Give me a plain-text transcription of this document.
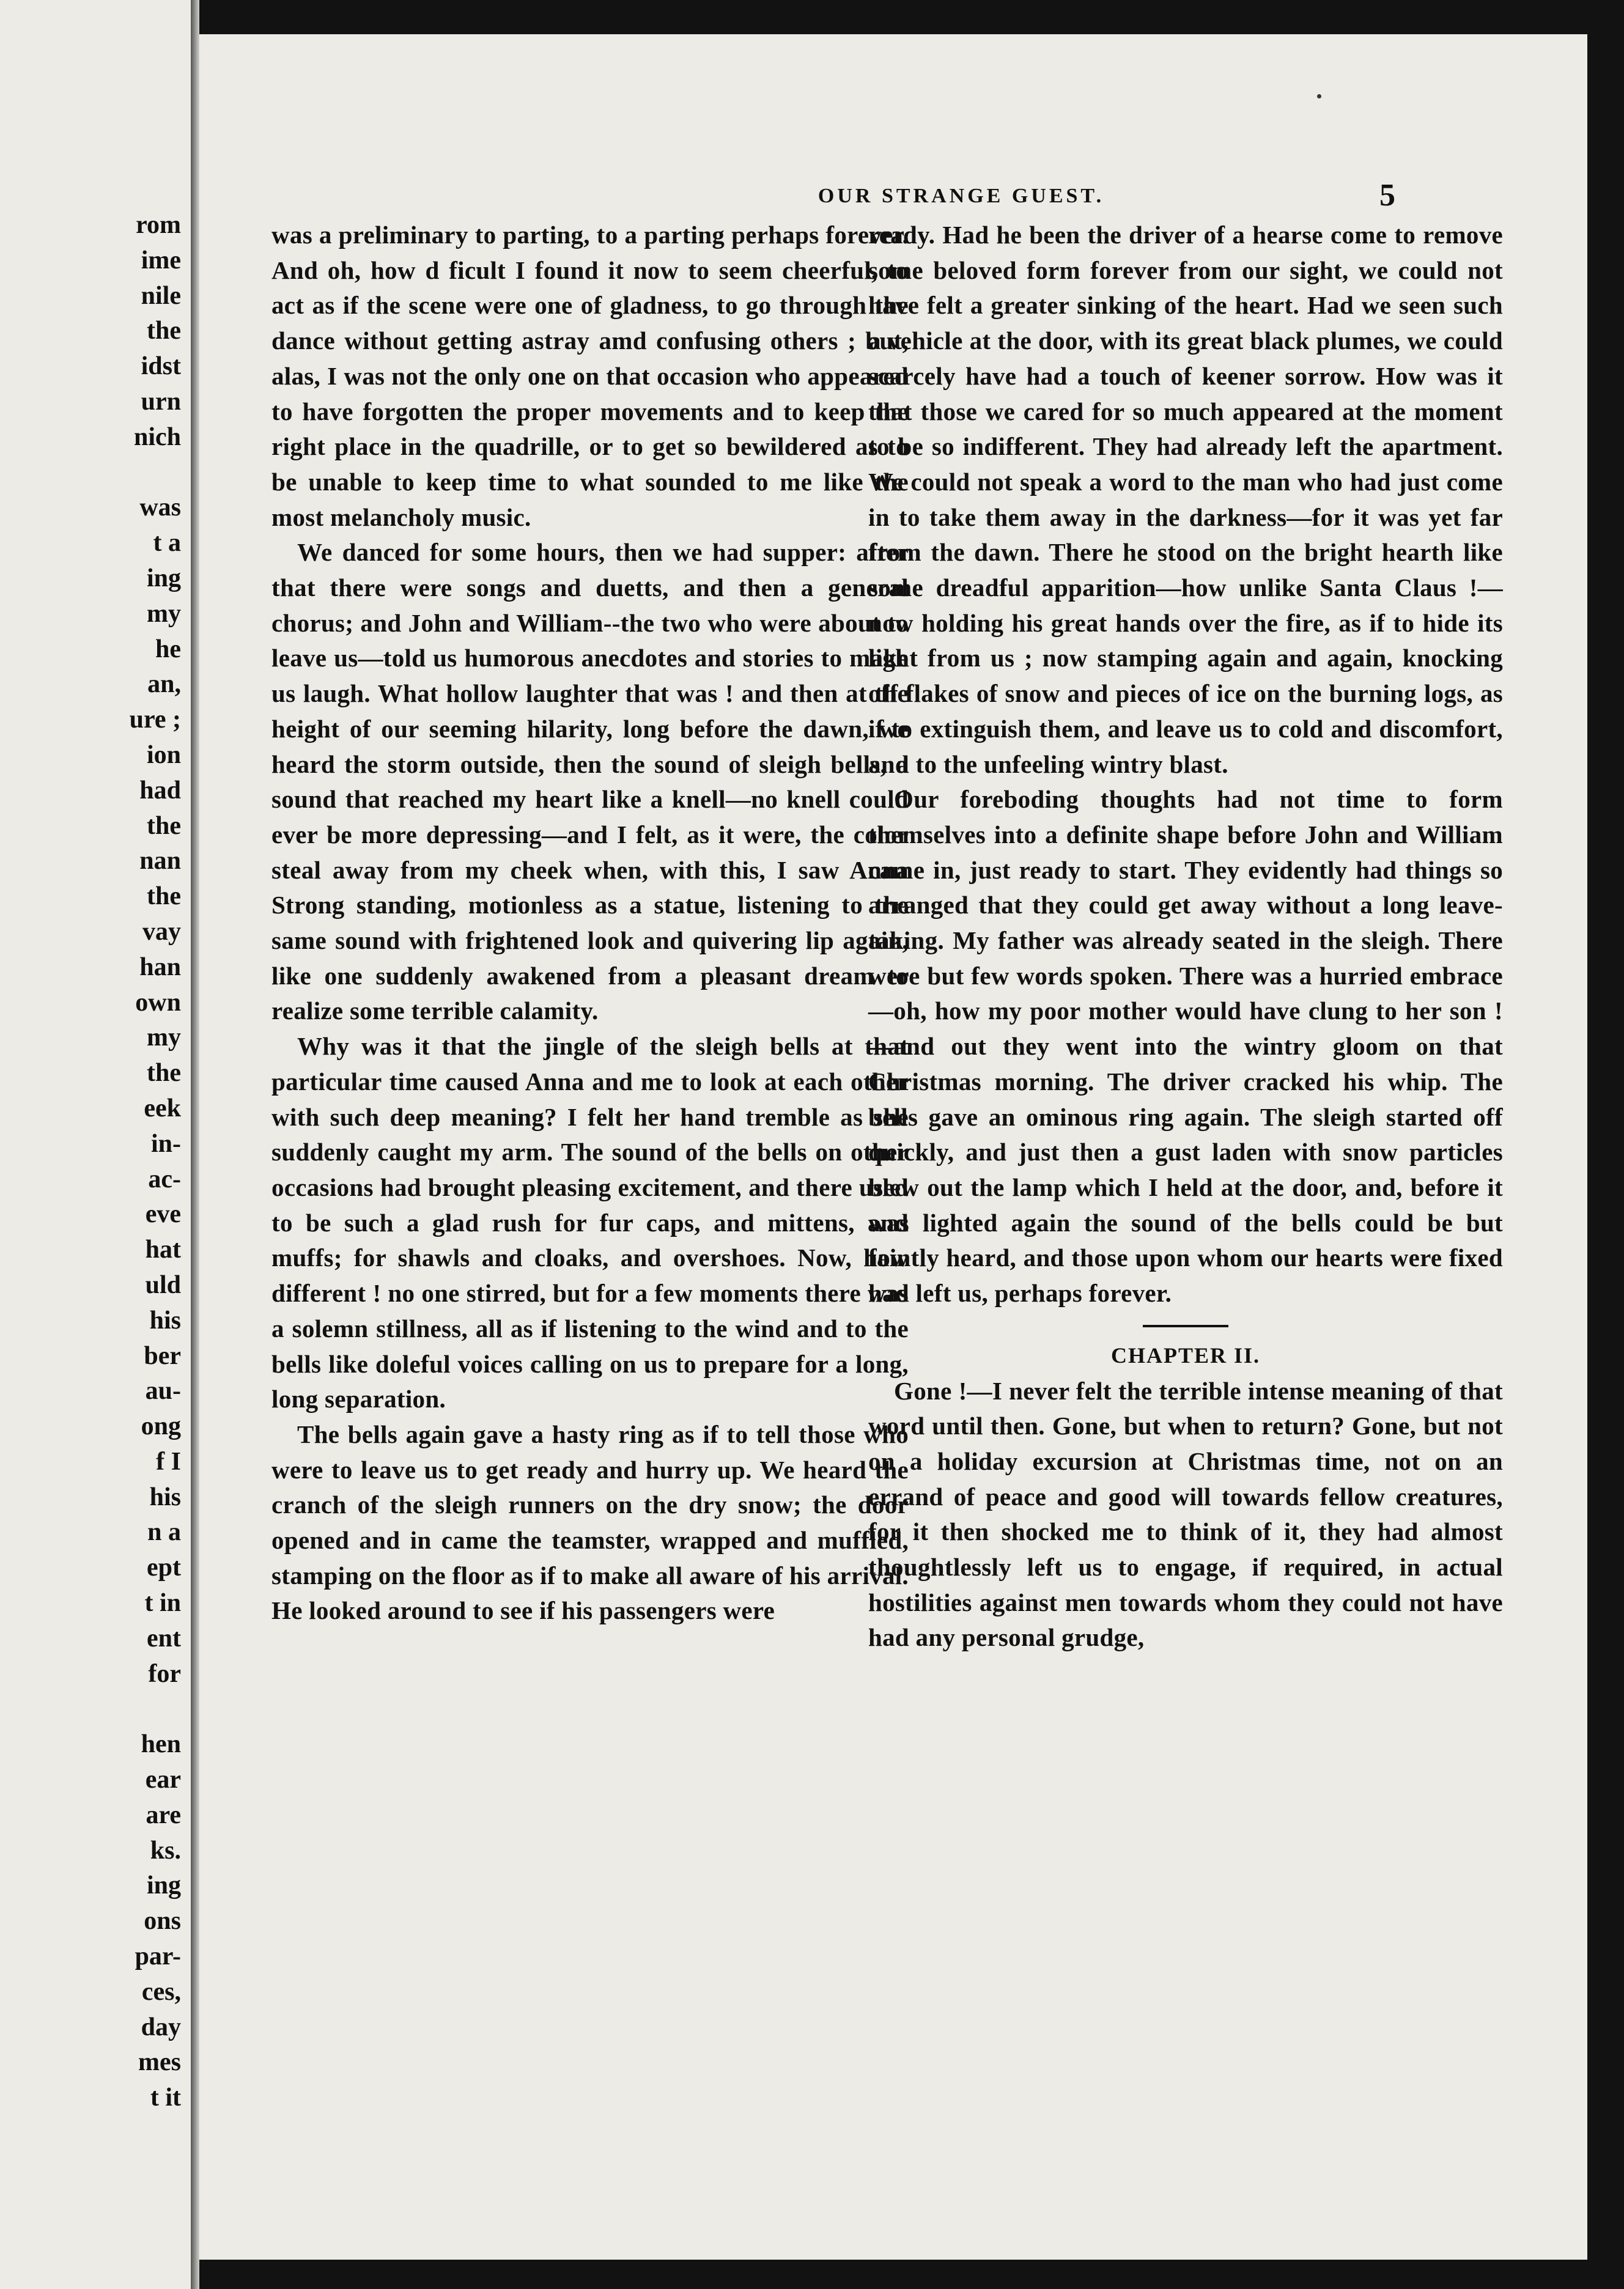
rom
ime
nile
the
idst
urn
nich

was
t a
ing
my
he
an,
ure ;
ion
had
the
nan
the
vay
han
own
my
the
eek
in-
ac-
eve
hat
uld
his
ber
au-
ong
f I
his
n a
ept
t in
ent
for

hen
ear
are
ks.
ing
ons
par-
ces,
day
mes
t it
OUR STRANGE GUEST.	5

was a preliminary to parting, to a parting perhaps forever. And oh, how d ficult I found it now to seem cheerful, to act as if the scene were one of gladness, to go through the dance without getting astray amd confusing others ; but, alas, I was not the only one on that occasion who appeared to have forgotten the proper movements and to keep the right place in the quadrille, or to get so bewildered as to be unable to keep time to what sounded to me like the most melancholy music.

We danced for some hours, then we had supper: after that there were songs and duetts, and then a general chorus; and John and William--the two who were about to leave us—told us humorous anecdotes and stories to make us laugh. What hollow laughter that was ! and then at the height of our seeming hilarity, long before the dawn, we heard the storm outside, then the sound of sleigh bells, a sound that reached my heart like a knell—no knell could ever be more depressing—and I felt, as it were, the color steal away from my cheek when, with this, I saw Anna Strong standing, motionless as a statue, listening to the same sound with frightened look and quivering lip again, like one suddenly awakened from a pleasant dream to realize some terrible calamity.

Why was it that the jingle of the sleigh bells at that particular time caused Anna and me to look at each other with such deep meaning? I felt her hand tremble as she suddenly caught my arm. The sound of the bells on other occasions had brought pleasing excitement, and there used to be such a glad rush for fur caps, and mittens, and muffs; for shawls and cloaks, and overshoes. Now, how different ! no one stirred, but for a few moments there was a solemn stillness, all as if listening to the wind and to the bells like doleful voices calling on us to prepare for a long, long separation.

The bells again gave a hasty ring as if to tell those who were to leave us to get ready and hurry up. We heard the cranch of the sleigh runners on the dry snow; the door opened and in came the teamster, wrapped and muffled, stamping on the floor as if to make all aware of his arrival. He looked around to see if his passengers were

ready. Had he been the driver of a hearse come to remove some beloved form forever from our sight, we could not have felt a greater sinking of the heart. Had we seen such a vehicle at the door, with its great black plumes, we could scarcely have had a touch of keener sorrow. How was it that those we cared for so much appeared at the moment to be so indifferent. They had already left the apartment. We could not speak a word to the man who had just come in to take them away in the darkness—for it was yet far from the dawn. There he stood on the bright hearth like some dreadful apparition—how unlike Santa Claus !—now holding his great hands over the fire, as if to hide its light from us ; now stamping again and again, knocking off flakes of snow and pieces of ice on the burning logs, as if to extinguish them, and leave us to cold and discomfort, and to the unfeeling wintry blast.

Our foreboding thoughts had not time to form themselves into a definite shape before John and William came in, just ready to start. They evidently had things so arranged that they could get away without a long leave-taking. My father was already seated in the sleigh. There were but few words spoken. There was a hurried embrace—oh, how my poor mother would have clung to her son !—and out they went into the wintry gloom on that Christmas morning. The driver cracked his whip. The bells gave an ominous ring again. The sleigh started off quickly, and just then a gust laden with snow particles blew out the lamp which I held at the door, and, before it was lighted again the sound of the bells could be but faintly heard, and those upon whom our hearts were fixed had left us, perhaps forever.

CHAPTER II.

Gone !—I never felt the terrible intense meaning of that word until then. Gone, but when to return? Gone, but not on a holiday excursion at Christmas time, not on an errand of peace and good will towards fellow creatures, for it then shocked me to think of it, they had almost thoughtlessly left us to engage, if required, in actual hostilities against men towards whom they could not have had any personal grudge,
